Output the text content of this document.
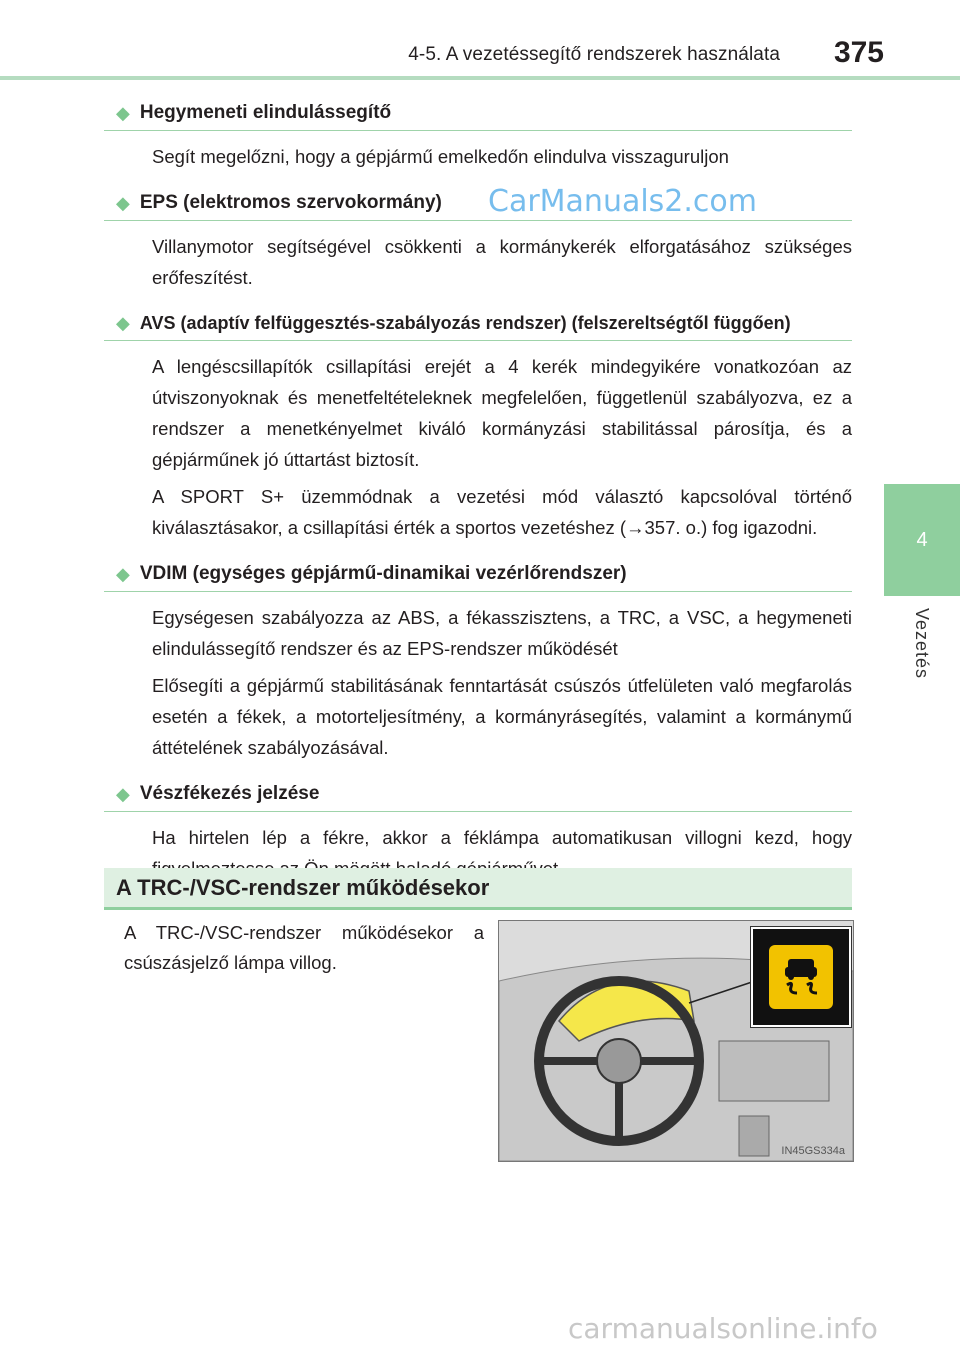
4-5. A vezetéssegítő rendszerek használata 375
4
Vezetés
◆ Hegymeneti elindulássegítő
Segít megelőzni, hogy a gépjármű emelkedőn elindulva visszaguruljon
◆ EPS (elektromos szervokormány)
Villanymotor segítségével csökkenti a kormánykerék elforgatásához szükséges erőfeszítést.
◆ AVS (adaptív felfüggesztés-szabályozás rendszer) (felszereltségtől függően)
A lengéscsillapítók csillapítási erejét a 4 kerék mindegyikére vonatkozóan az útviszonyoknak és menetfeltételeknek megfelelően, függetlenül szabályozva, ez a rendszer a menetkényelmet kiváló kormányzási stabilitással párosítja, és a gépjárműnek jó úttartást biztosít.
A SPORT S+ üzemmódnak a vezetési mód választó kapcsolóval történő kiválasztásakor, a csillapítási érték a sportos vezetéshez (→357. o.) fog igazodni.
◆ VDIM (egységes gépjármű-dinamikai vezérlőrendszer)
Egységesen szabályozza az ABS, a fékasszisztens, a TRC, a VSC, a hegymeneti elindulássegítő rendszer és az EPS-rendszer működését
Elősegíti a gépjármű stabilitásának fenntartását csúszós útfelületen való megfarolás esetén a fékek, a motorteljesítmény, a kormányrásegítés, valamint a kormánymű áttételének szabályozásával.
◆ Vészfékezés jelzése
Ha hirtelen lép a fékre, akkor a féklámpa automatikusan villogni kezd, hogy
A TRC-/VSC-rendszer működésekor
A TRC-/VSC-rendszer működésekor a csúszásjelző lámpa villog.
IN45GS334a
CarManuals2.com
carmanualsonline.info
